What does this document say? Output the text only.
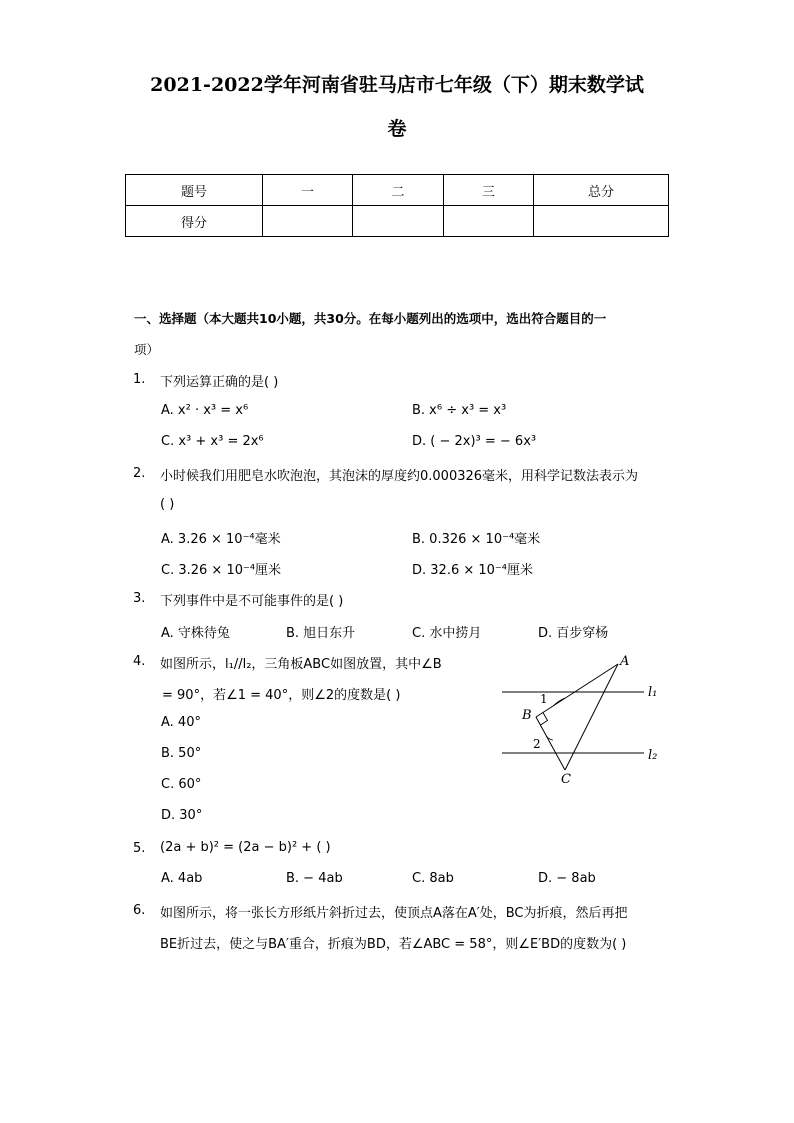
2021-2022学年河南省驻马店市七年级（下）期末数学试
卷
题号	一	二	三	总分
得分				
一、选择题（本大题共10小题，共30分。在每小题列出的选项中，选出符合题目的一
项）
1. 下列运算正确的是( )
A. x² · x³ = x⁶	B. x⁶ ÷ x³ = x³
C. x³ + x³ = 2x⁶	D. ( − 2x)³ = − 6x³
2. 小时候我们用肥皂水吹泡泡，其泡沫的厚度约0.000326毫米，用科学记数法表示为
( )
A. 3.26 × 10⁻⁴毫米	B. 0.326 × 10⁻⁴毫米
C. 3.26 × 10⁻⁴厘米	D. 32.6 × 10⁻⁴厘米
3. 下列事件中是不可能事件的是( )
A. 守株待兔	B. 旭日东升	C. 水中捞月	D. 百步穿杨
4. 如图所示，l₁//l₂，三角板ABC如图放置，其中∠B
= 90°，若∠1 = 40°，则∠2的度数是( )
A. 40°
B. 50°
C. 60°
D. 30°
A
B
C
1
2
l₁
l₂
5. (2a + b)² = (2a − b)² + ( )
A. 4ab	B. − 4ab	C. 8ab	D. − 8ab
6. 如图所示，将一张长方形纸片斜折过去，使顶点A落在A′处，BC为折痕，然后再把
BE折过去，使之与BA′重合，折痕为BD，若∠ABC = 58°，则∠E′BD的度数为( )
